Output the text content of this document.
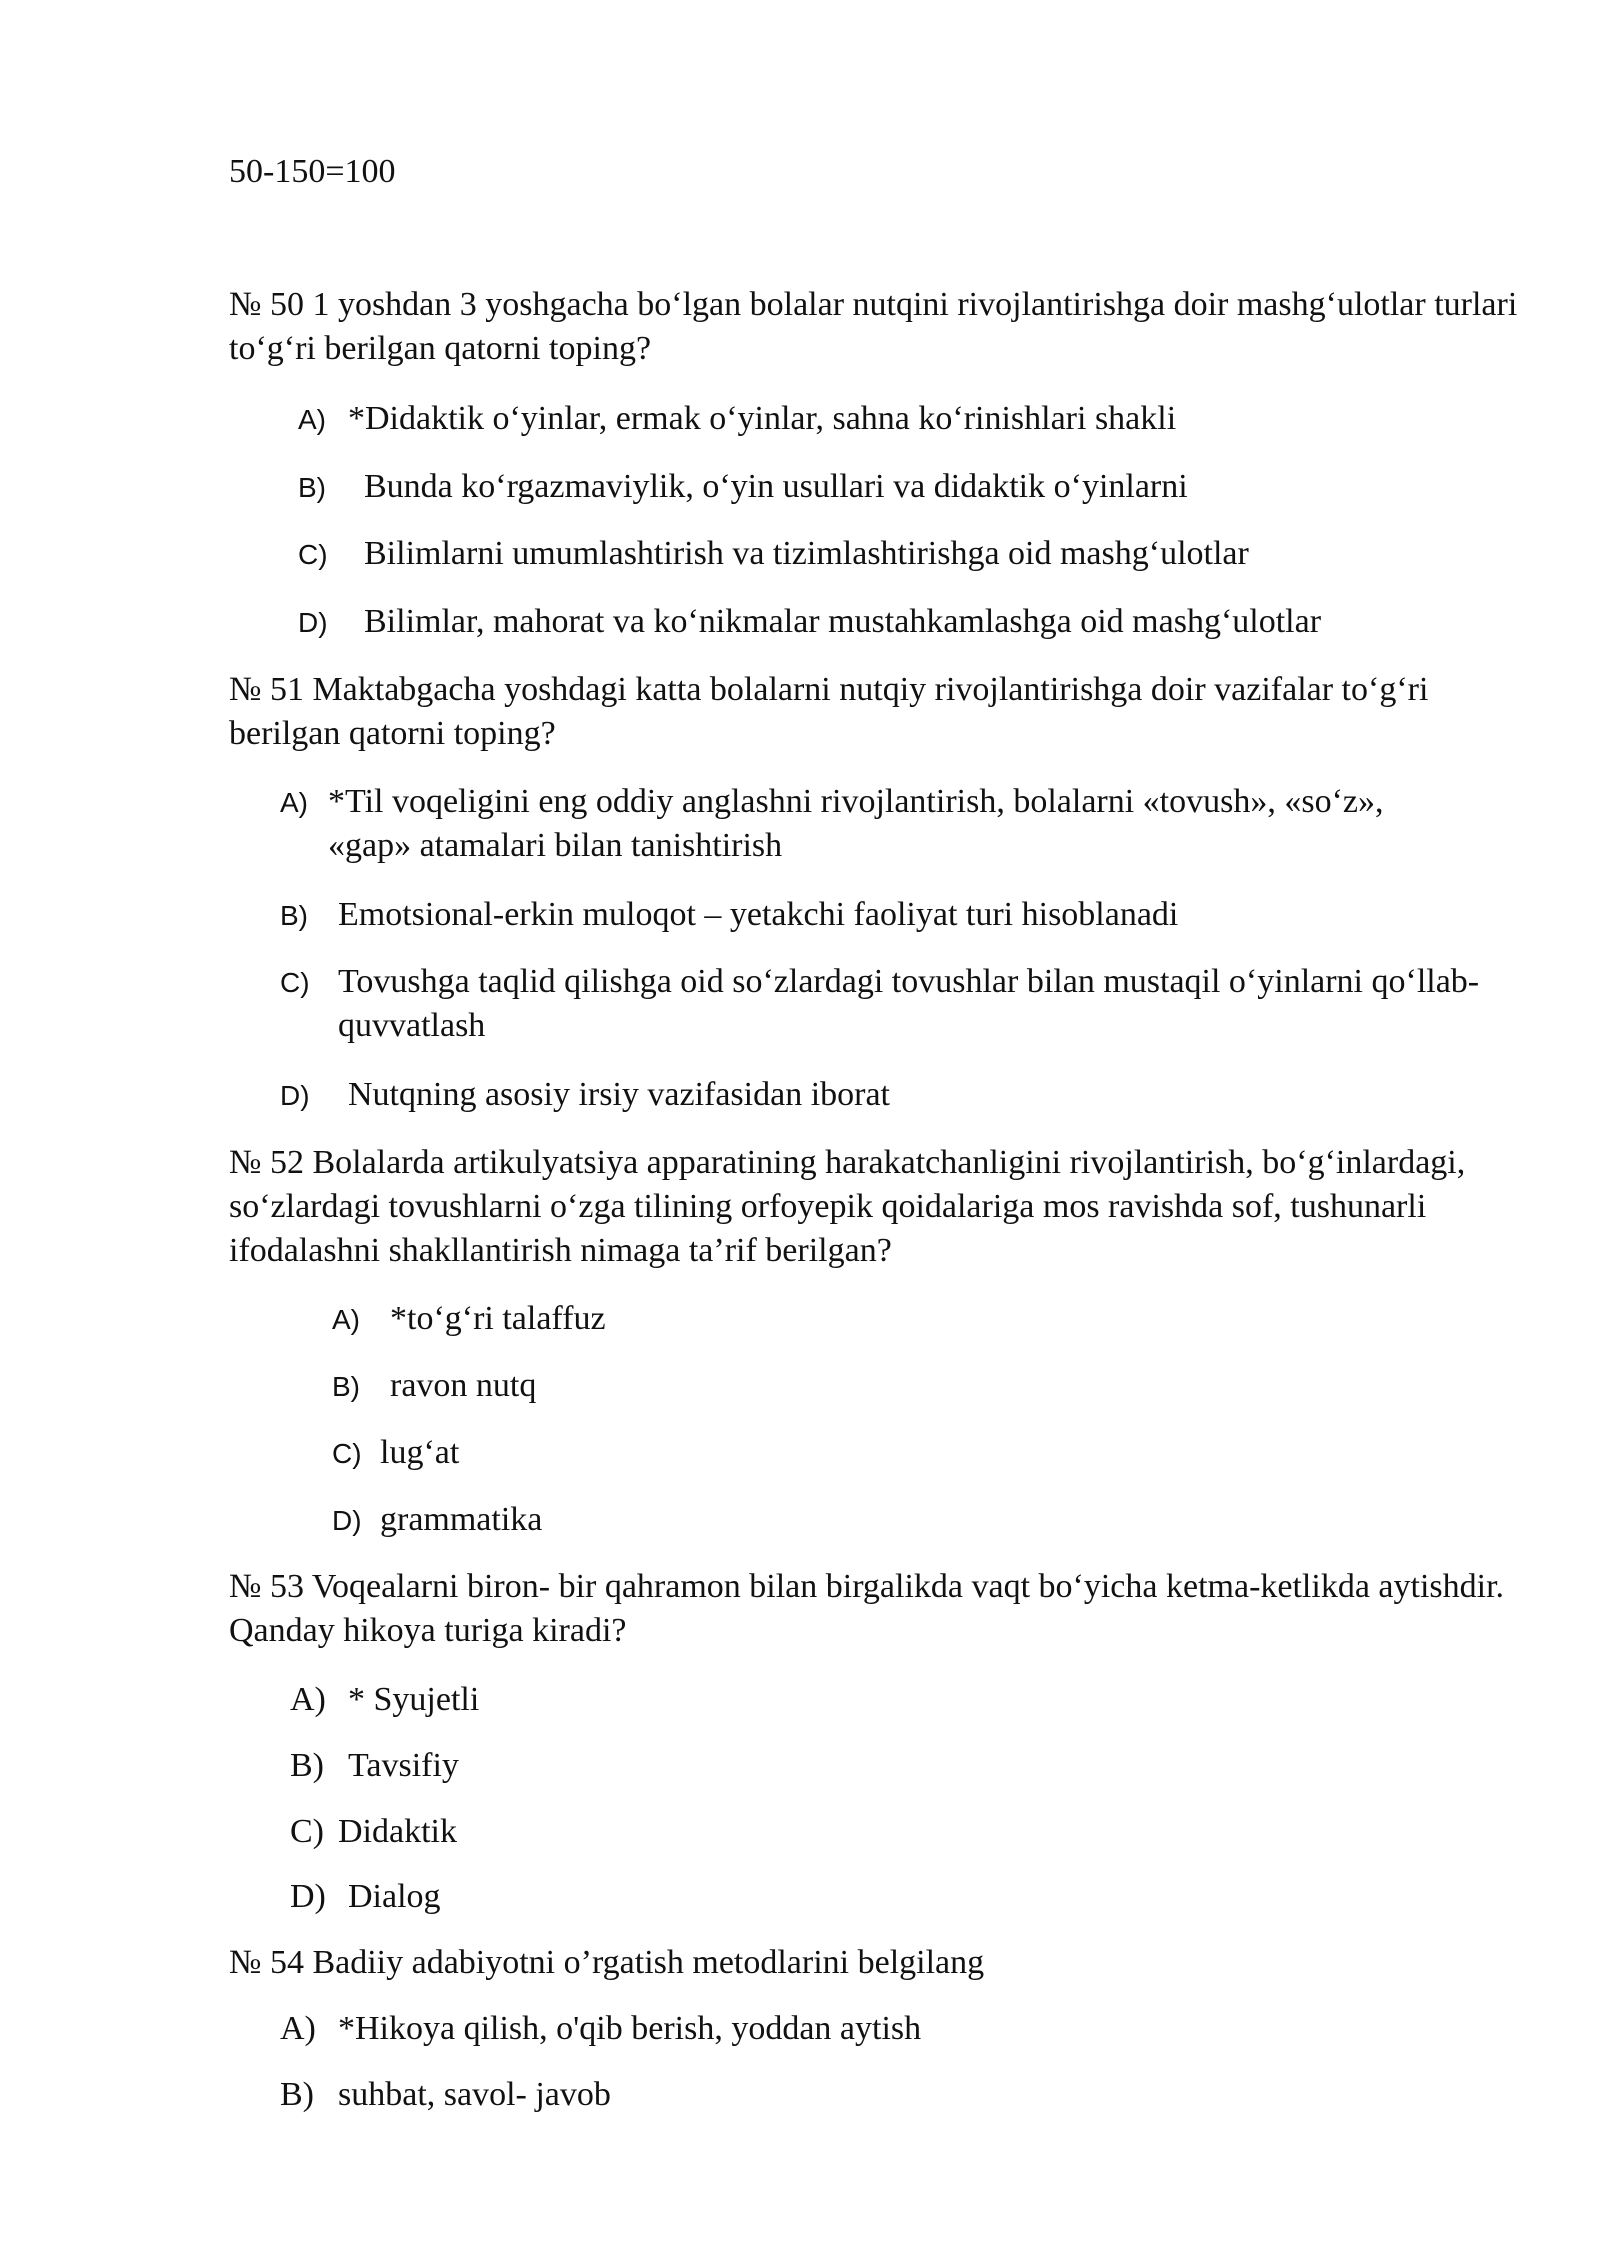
50-150=100
№ 50 1 yoshdan 3 yoshgacha bo‘lgan bolalar nutqini rivojlantirishga doir mashg‘ulotlar turlari to‘g‘ri berilgan qatorni toping?
A) *Didaktik o‘yinlar, ermak o‘yinlar, sahna ko‘rinishlari shakli
B) Bunda ko‘rgazmaviylik, o‘yin usullari va didaktik o‘yinlarni
C) Bilimlarni umumlashtirish va tizimlashtirishga oid mashg‘ulotlar
D) Bilimlar, mahorat va ko‘nikmalar mustahkamlashga oid mashg‘ulotlar
№ 51 Maktabgacha yoshdagi katta bolalarni nutqiy rivojlantirishga doir vazifalar to‘g‘ri berilgan qatorni toping?
A) *Til voqeligini eng oddiy anglashni rivojlantirish, bolalarni «tovush», «so‘z», «gap» atamalari bilan tanishtirish
B) Emotsional-erkin muloqot – yetakchi faoliyat turi hisoblanadi
C) Tovushga taqlid qilishga oid so‘zlardagi tovushlar bilan mustaqil o‘yinlarni qo‘llab-quvvatlash
D) Nutqning asosiy irsiy vazifasidan iborat
№ 52 Bolalarda artikulyatsiya apparatining harakatchanligini rivojlantirish, bo‘g‘inlardagi, so‘zlardagi tovushlarni o‘zga tilining orfoyepik qoidalariga mos ravishda sof, tushunarli ifodalashni shakllantirish nimaga ta’rif berilgan?
A) *to‘g‘ri talaffuz
B) ravon nutq
C) lug‘at
D) grammatika
№ 53 Voqealarni biron- bir qahramon bilan birgalikda vaqt bo‘yicha ketma-ketlikda aytishdir. Qanday hikoya turiga kiradi?
A) * Syujetli
B) Tavsifiy
C) Didaktik
D) Dialog
№ 54 Badiiy adabiyotni o’rgatish metodlarini belgilang
A) *Hikoya qilish, o'qib berish, yoddan aytish
B) suhbat, savol- javob
